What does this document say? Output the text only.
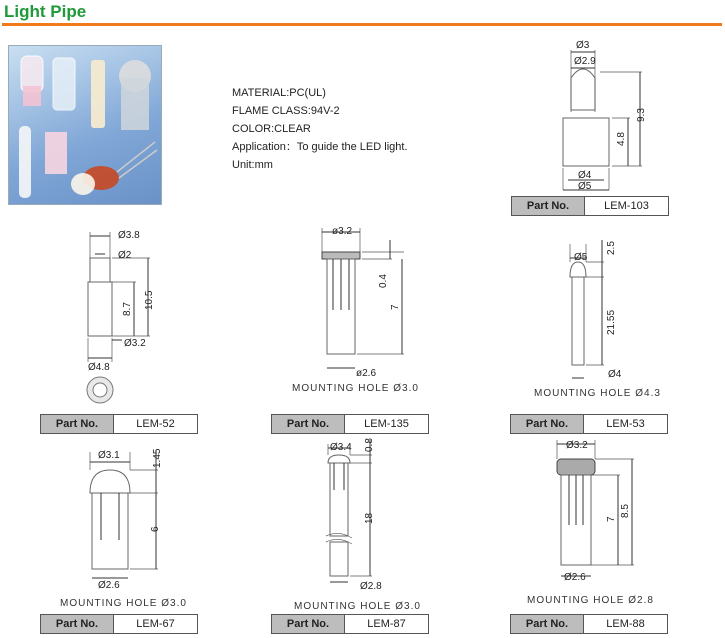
Light Pipe
MATERIAL:PC(UL)
FLAME CLASS:94V-2
COLOR:CLEAR
Application：To guide the LED light.
Unit:mm
Ø3
Ø2.9
9.3
4.8
Ø4
Ø5
Part No.	LEM-103
Ø3.8
Ø2
8.7 10.5
Ø3.2
Ø4.8
Part No.	LEM-52
ø3.2
0.4
7
ø2.6
MOUNTING HOLE Ø3.0
Part No.	LEM-135
Ø5
2.5
21.55
Ø4
MOUNTING HOLE Ø4.3
Part No.	LEM-53
Ø3.1	1.45
6
Ø2.6
MOUNTING HOLE Ø3.0
Part No.	LEM-67
Ø3.4 0.8
18
Ø2.8
MOUNTING HOLE Ø3.0
Part No.	LEM-87
Ø3.2
7
8.5
Ø2.6
MOUNTING HOLE Ø2.8
Part No.	LEM-88
